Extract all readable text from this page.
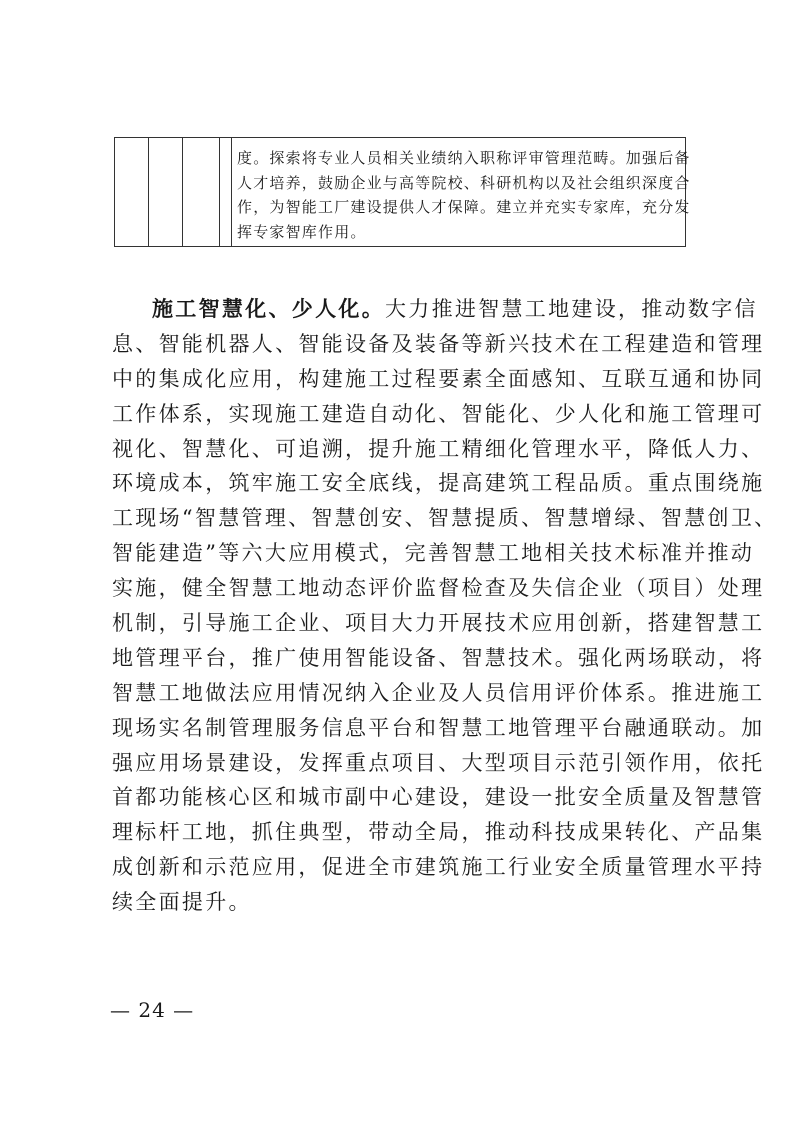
度。探索将专业人员相关业绩纳入职称评审管理范畴。加强后备
人才培养，鼓励企业与高等院校、科研机构以及社会组织深度合
作，为智能工厂建设提供人才保障。建立并充实专家库，充分发
挥专家智库作用。
施工智慧化、少人化。大力推进智慧工地建设，推动数字信
息、智能机器人、智能设备及装备等新兴技术在工程建造和管理
中的集成化应用，构建施工过程要素全面感知、互联互通和协同
工作体系，实现施工建造自动化、智能化、少人化和施工管理可
视化、智慧化、可追溯，提升施工精细化管理水平，降低人力、
环境成本，筑牢施工安全底线，提高建筑工程品质。重点围绕施
工现场“智慧管理、智慧创安、智慧提质、智慧增绿、智慧创卫、
智能建造”等六大应用模式，完善智慧工地相关技术标准并推动
实施，健全智慧工地动态评价监督检查及失信企业（项目）处理
机制，引导施工企业、项目大力开展技术应用创新，搭建智慧工
地管理平台，推广使用智能设备、智慧技术。强化两场联动，将
智慧工地做法应用情况纳入企业及人员信用评价体系。推进施工
现场实名制管理服务信息平台和智慧工地管理平台融通联动。加
强应用场景建设，发挥重点项目、大型项目示范引领作用，依托
首都功能核心区和城市副中心建设，建设一批安全质量及智慧管
理标杆工地，抓住典型，带动全局，推动科技成果转化、产品集
成创新和示范应用，促进全市建筑施工行业安全质量管理水平持
续全面提升。
— 24 —
